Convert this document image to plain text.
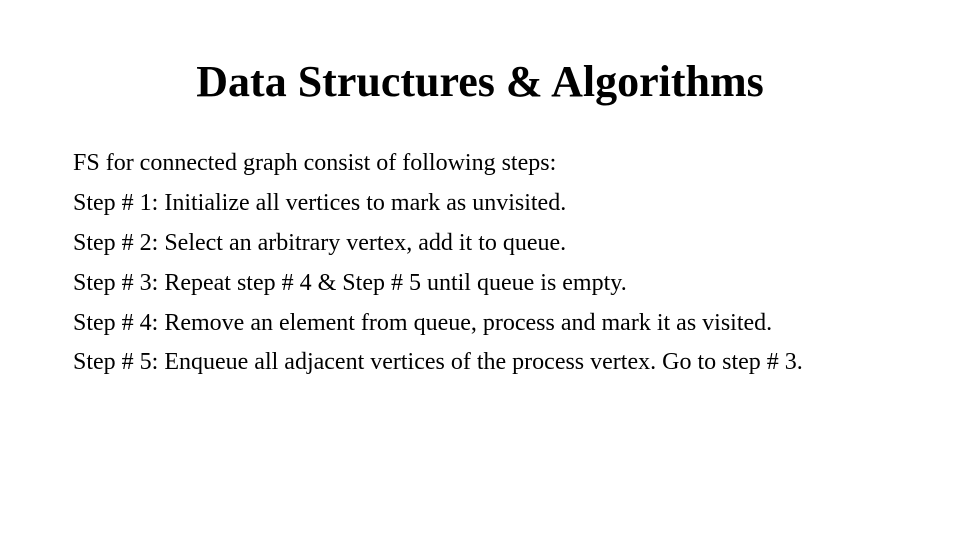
Data Structures & Algorithms
FS for connected graph consist of following steps:
Step # 1: Initialize all vertices to mark as unvisited.
Step # 2: Select an arbitrary vertex, add it to queue.
Step # 3: Repeat step # 4 & Step # 5 until queue is empty.
Step # 4: Remove an element from queue, process and mark it as visited.
Step # 5: Enqueue all adjacent vertices of the process vertex. Go to step # 3.
